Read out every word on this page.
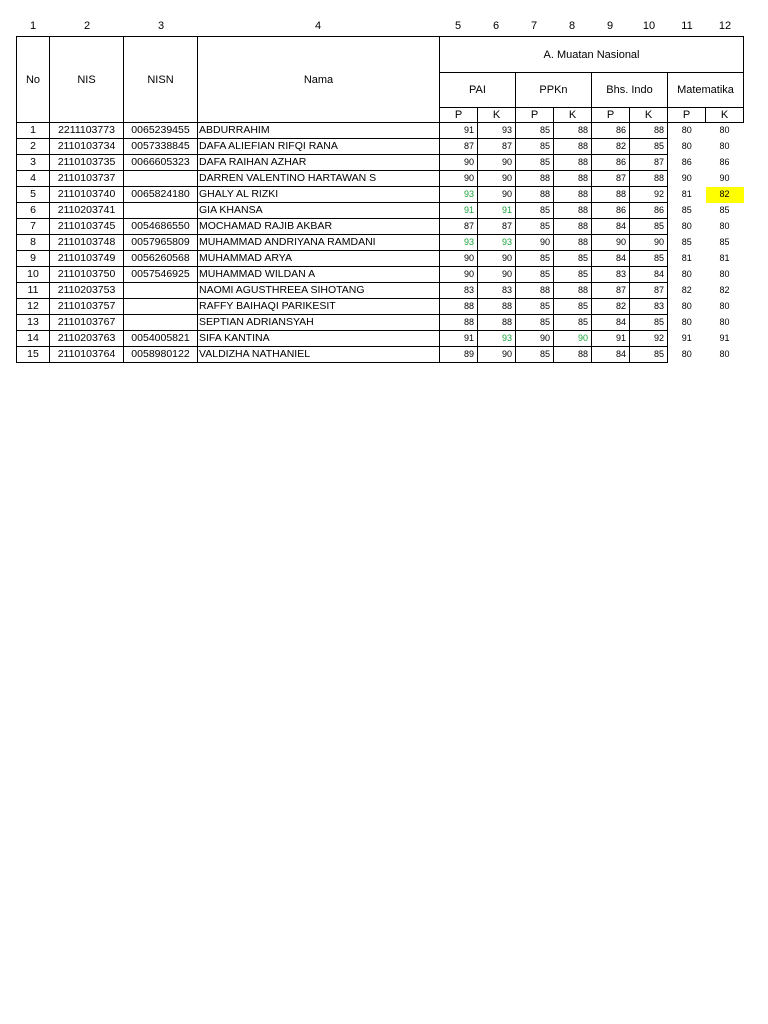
1	2	3	4	5	6	7	8	9	10 11 12
No	NIS	NISN	Nama	A. Muatan Nasional							
				PAI		PPKn		Bhs. Indo		Matematika	
				P	K	P	K	P	K	P	K
1	2211103773	0065239455	ABDURRAHIM	91	93	85	88	86	88	80	80
2	2110103734	0057338845	DAFA ALIEFIAN RIFQI RANA	87	87	85	88	82	85	80	80
3	2110103735	0066605323	DAFA RAIHAN AZHAR	90	90	85	88	86	87	86	86
4	2110103737		DARREN VALENTINO HARTAWAN S	90	90	88	88	87	88	90	90
5	2110103740	0065824180	GHALY AL RIZKI	93	90	88	88	88	92	81	82
6	2110203741		GIA KHANSA	91	91	85	88	86	86	85	85
7	2110103745	0054686550	MOCHAMAD RAJIB AKBAR	87	87	85	88	84	85	80	80
8	2110103748	0057965809	MUHAMMAD ANDRIYANA RAMDANI	93	93	90	88	90	90	85	85
9	2110103749	0056260568	MUHAMMAD ARYA	90	90	85	85	84	85	81	81
10	2110103750	0057546925	MUHAMMAD WILDAN A	90	90	85	85	83	84	80	80
11	2110203753		NAOMI AGUSTHREEA SIHOTANG	83	83	88	88	87	87	82	82
12	2110103757		RAFFY BAIHAQI PARIKESIT	88	88	85	85	82	83	80	80
13	2110103767		SEPTIAN ADRIANSYAH	88	88	85	85	84	85	80	80
14	2110203763	0054005821	SIFA KANTINA	91	93	90	90	91	92	91	91
15	2110103764	0058980122	VALDIZHA NATHANIEL	89	90	85	88	84	85	80	80
